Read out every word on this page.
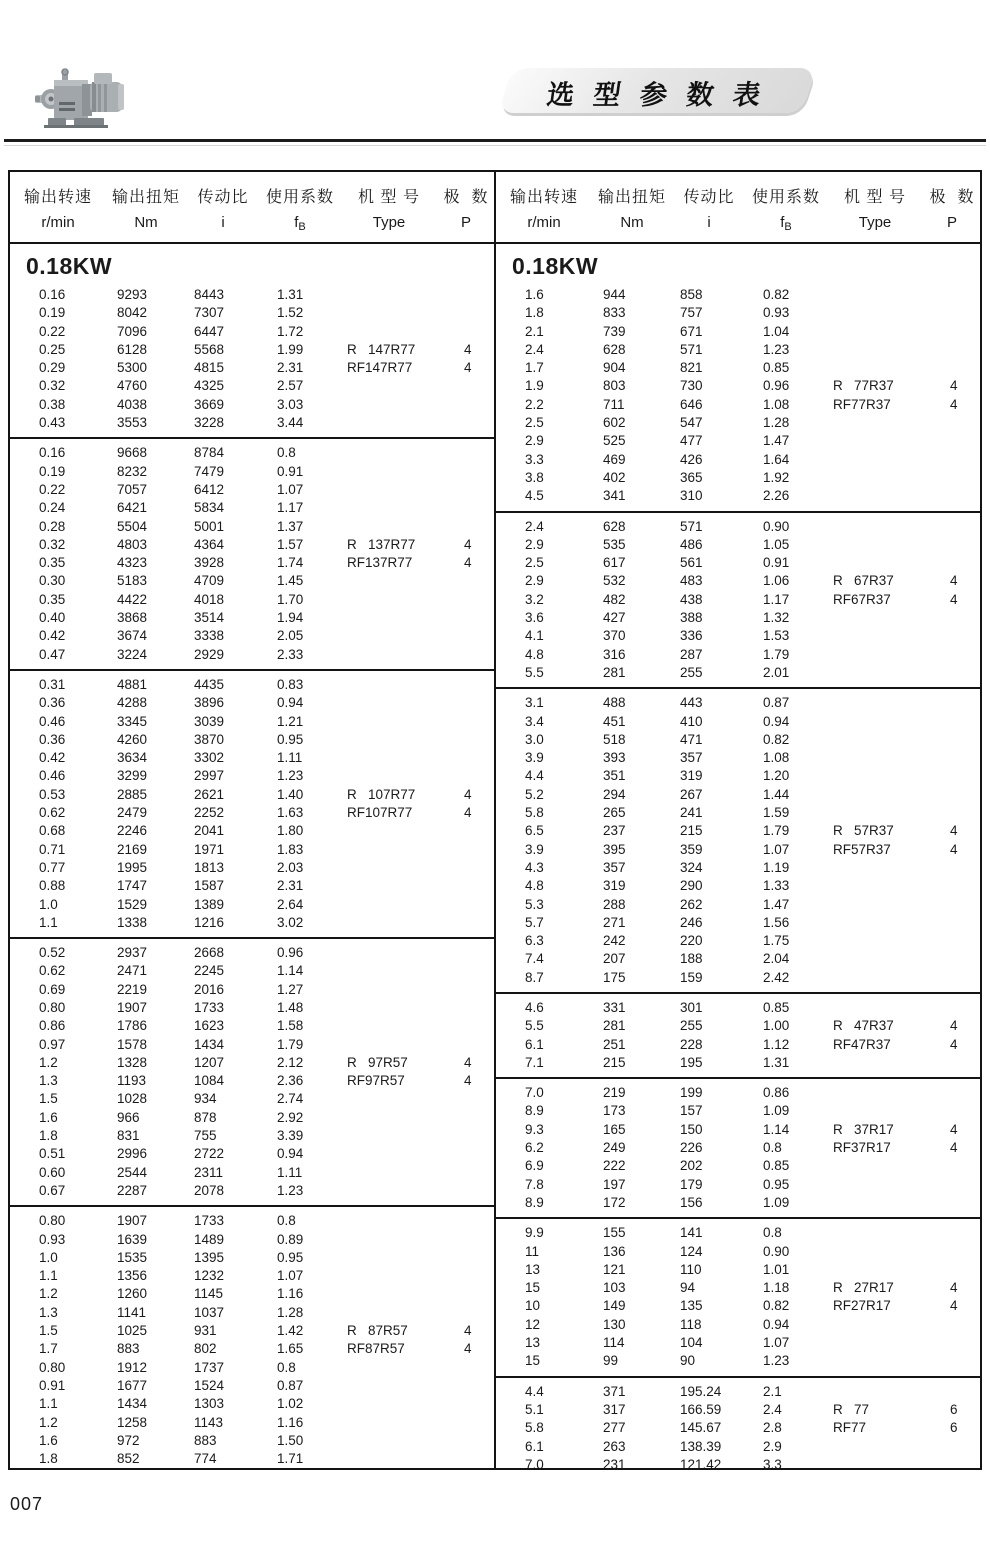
选 型 参 数 表
输出转速	输出扭矩	传动比	使用系数	机 型 号	极  数
r/min	Nm	i	$f_B$	Type	P
0.18KW
0.16	9293	8443	1.31
0.19	8042	7307	1.52
0.22	7096	6447	1.72
0.25	6128	5568	1.99	R   147R77	4
0.29	5300	4815	2.31	RF147R77	4
0.32	4760	4325	2.57
0.38	4038	3669	3.03
0.43	3553	3228	3.44
0.16	9668	8784	0.8
0.19	8232	7479	0.91
0.22	7057	6412	1.07
0.24	6421	5834	1.17
0.28	5504	5001	1.37
0.32	4803	4364	1.57	R   137R77	4
0.35	4323	3928	1.74	RF137R77	4
0.30	5183	4709	1.45
0.35	4422	4018	1.70
0.40	3868	3514	1.94
0.42	3674	3338	2.05
0.47	3224	2929	2.33
0.31	4881	4435	0.83
0.36	4288	3896	0.94
0.46	3345	3039	1.21
0.36	4260	3870	0.95
0.42	3634	3302	1.11
0.46	3299	2997	1.23
0.53	2885	2621	1.40	R   107R77	4
0.62	2479	2252	1.63	RF107R77	4
0.68	2246	2041	1.80
0.71	2169	1971	1.83
0.77	1995	1813	2.03
0.88	1747	1587	2.31
1.0	1529	1389	2.64
1.1	1338	1216	3.02
0.52	2937	2668	0.96
0.62	2471	2245	1.14
0.69	2219	2016	1.27
0.80	1907	1733	1.48
0.86	1786	1623	1.58
0.97	1578	1434	1.79
1.2	1328	1207	2.12	R   97R57	4
1.3	1193	1084	2.36	RF97R57	4
1.5	1028	934	2.74
1.6	966	878	2.92
1.8	831	755	3.39
0.51	2996	2722	0.94
0.60	2544	2311	1.11
0.67	2287	2078	1.23
0.80	1907	1733	0.8
0.93	1639	1489	0.89
1.0	1535	1395	0.95
1.1	1356	1232	1.07
1.2	1260	1145	1.16
1.3	1141	1037	1.28
1.5	1025	931	1.42	R   87R57	4
1.7	883	802	1.65	RF87R57	4
0.80	1912	1737	0.8
0.91	1677	1524	0.87
1.1	1434	1303	1.02
1.2	1258	1143	1.16
1.6	972	883	1.50
1.8	852	774	1.71
输出转速	输出扭矩	传动比	使用系数	机 型 号	极  数
r/min	Nm	i	$f_B$	Type	P
0.18KW
1.6	944	858	0.82
1.8	833	757	0.93
2.1	739	671	1.04
2.4	628	571	1.23
1.7	904	821	0.85
1.9	803	730	0.96	R   77R37	4
2.2	711	646	1.08	RF77R37	4
2.5	602	547	1.28
2.9	525	477	1.47
3.3	469	426	1.64
3.8	402	365	1.92
4.5	341	310	2.26
2.4	628	571	0.90
2.9	535	486	1.05
2.5	617	561	0.91
2.9	532	483	1.06	R   67R37	4
3.2	482	438	1.17	RF67R37	4
3.6	427	388	1.32
4.1	370	336	1.53
4.8	316	287	1.79
5.5	281	255	2.01
3.1	488	443	0.87
3.4	451	410	0.94
3.0	518	471	0.82
3.9	393	357	1.08
4.4	351	319	1.20
5.2	294	267	1.44
5.8	265	241	1.59
6.5	237	215	1.79	R   57R37	4
3.9	395	359	1.07	RF57R37	4
4.3	357	324	1.19
4.8	319	290	1.33
5.3	288	262	1.47
5.7	271	246	1.56
6.3	242	220	1.75
7.4	207	188	2.04
8.7	175	159	2.42
4.6	331	301	0.85
5.5	281	255	1.00	R   47R37	4
6.1	251	228	1.12	RF47R37	4
7.1	215	195	1.31
7.0	219	199	0.86
8.9	173	157	1.09
9.3	165	150	1.14	R   37R17	4
6.2	249	226	0.8	RF37R17	4
6.9	222	202	0.85
7.8	197	179	0.95
8.9	172	156	1.09
9.9	155	141	0.8
11	136	124	0.90
13	121	110	1.01
15	103	94	1.18	R   27R17	4
10	149	135	0.82	RF27R17	4
12	130	118	0.94
13	114	104	1.07
15	99	90	1.23
4.4	371	195.24	2.1
5.1	317	166.59	2.4	R   77	6
5.8	277	145.67	2.8	RF77	6
6.1	263	138.39	2.9
7.0	231	121.42	3.3
007
